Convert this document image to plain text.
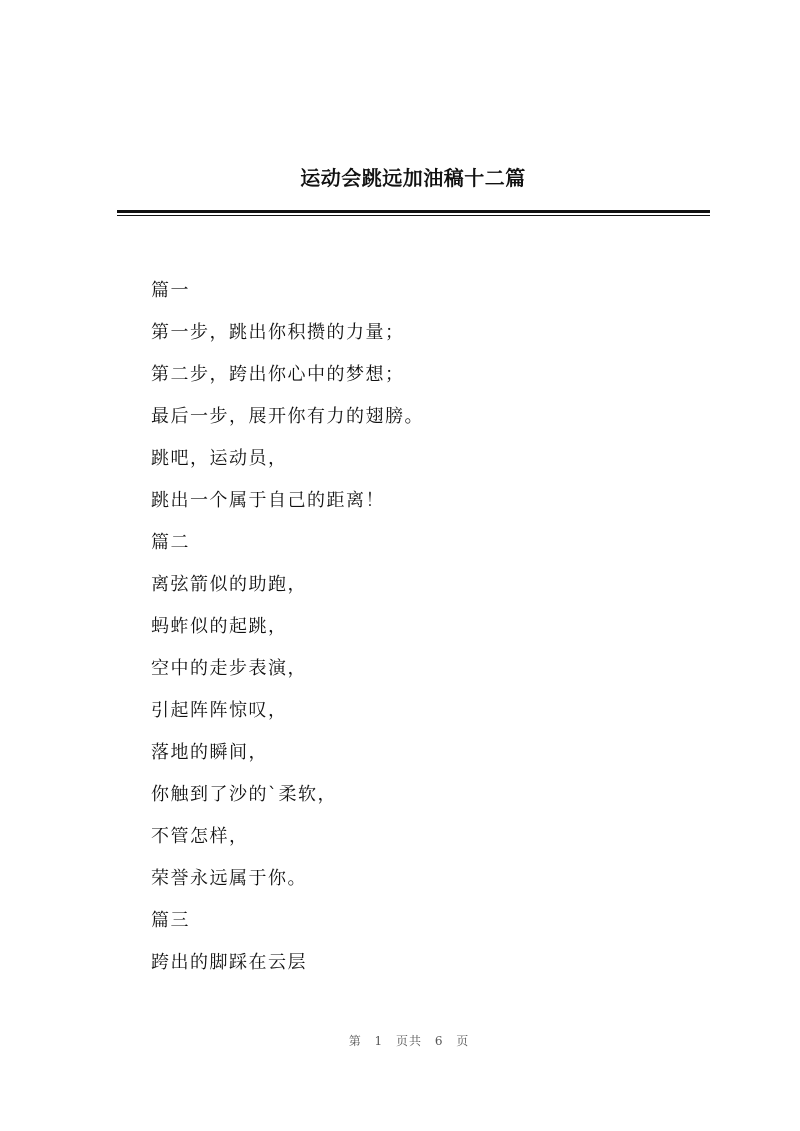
运动会跳远加油稿十二篇
篇一
第一步，跳出你积攒的力量；
第二步，跨出你心中的梦想；
最后一步，展开你有力的翅膀。
跳吧，运动员，
跳出一个属于自己的距离！
篇二
离弦箭似的助跑，
蚂蚱似的起跳，
空中的走步表演，
引起阵阵惊叹，
落地的瞬间，
你触到了沙的`柔软，
不管怎样，
荣誉永远属于你。
篇三
跨出的脚踩在云层
第 1 页共 6 页
